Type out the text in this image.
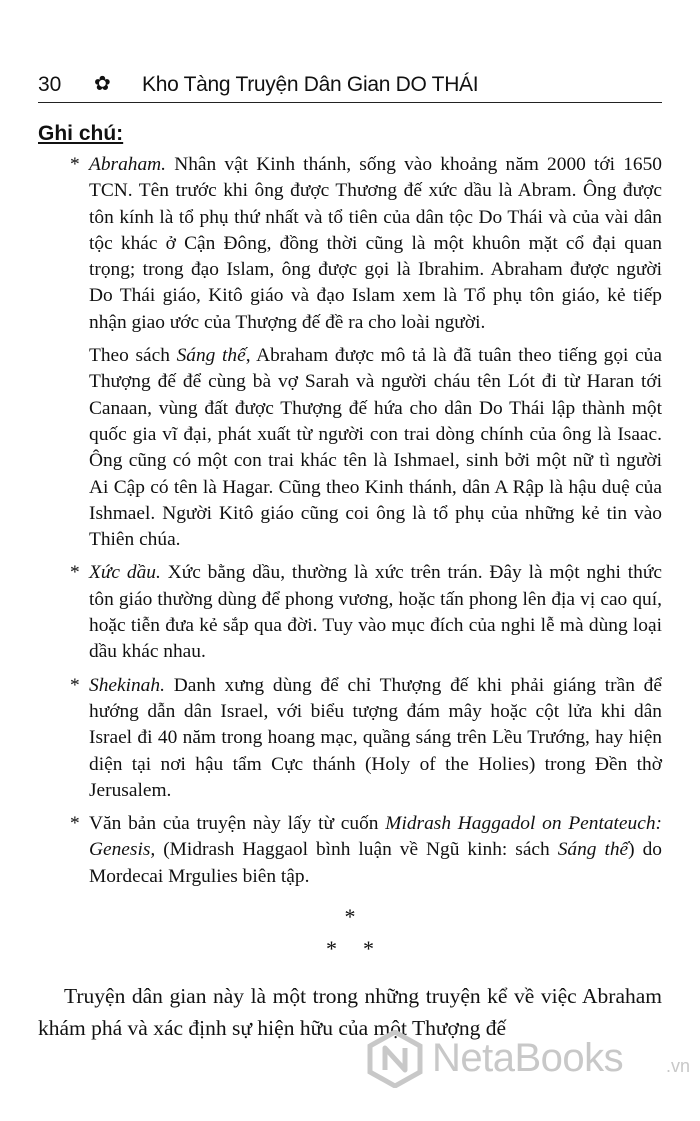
30 ✿ Kho Tàng Truyện Dân Gian DO THÁI
Ghi chú:
* Abraham. Nhân vật Kinh thánh, sống vào khoảng năm 2000 tới 1650 TCN. Tên trước khi ông được Thương đế xức dầu là Abram. Ông được tôn kính là tổ phụ thứ nhất và tổ tiên của dân tộc Do Thái và của vài dân tộc khác ở Cận Đông, đồng thời cũng là một khuôn mặt cổ đại quan trọng; trong đạo Islam, ông được gọi là Ibrahim. Abraham được người Do Thái giáo, Kitô giáo và đạo Islam xem là Tổ phụ tôn giáo, kẻ tiếp nhận giao ước của Thượng đế đề ra cho loài người.

Theo sách Sáng thế, Abraham được mô tả là đã tuân theo tiếng gọi của Thượng đế để cùng bà vợ Sarah và người cháu tên Lót đi từ Haran tới Canaan, vùng đất được Thượng đế hứa cho dân Do Thái lập thành một quốc gia vĩ đại, phát xuất từ người con trai dòng chính của ông là Isaac. Ông cũng có một con trai khác tên là Ishmael, sinh bởi một nữ tì người Ai Cập có tên là Hagar. Cũng theo Kinh thánh, dân A Rập là hậu duệ của Ishmael. Người Kitô giáo cũng coi ông là tổ phụ của những kẻ tin vào Thiên chúa.

* Xức dầu. Xức bằng dầu, thường là xức trên trán. Đây là một nghi thức tôn giáo thường dùng để phong vương, hoặc tấn phong lên địa vị cao quí, hoặc tiễn đưa kẻ sắp qua đời. Tuy vào mục đích của nghi lễ mà dùng loại dầu khác nhau.

* Shekinah. Danh xưng dùng để chỉ Thượng đế khi phải giáng trần để hướng dẫn dân Israel, với biểu tượng đám mây hoặc cột lửa khi dân Israel đi 40 năm trong hoang mạc, quầng sáng trên Lều Trướng, hay hiện diện tại nơi hậu tẩm Cực thánh (Holy of the Holies) trong Đền thờ Jerusalem.

* Văn bản của truyện này lấy từ cuốn Midrash Haggadol on Pentateuch: Genesis, (Midrash Haggaol bình luận về Ngũ kinh: sách Sáng thế) do Mordecai Mrgulies biên tập.

*
* *
Truyện dân gian này là một trong những truyện kể về việc Abraham khám phá và xác định sự hiện hữu của một Thượng đế
NetaBooks .vn
